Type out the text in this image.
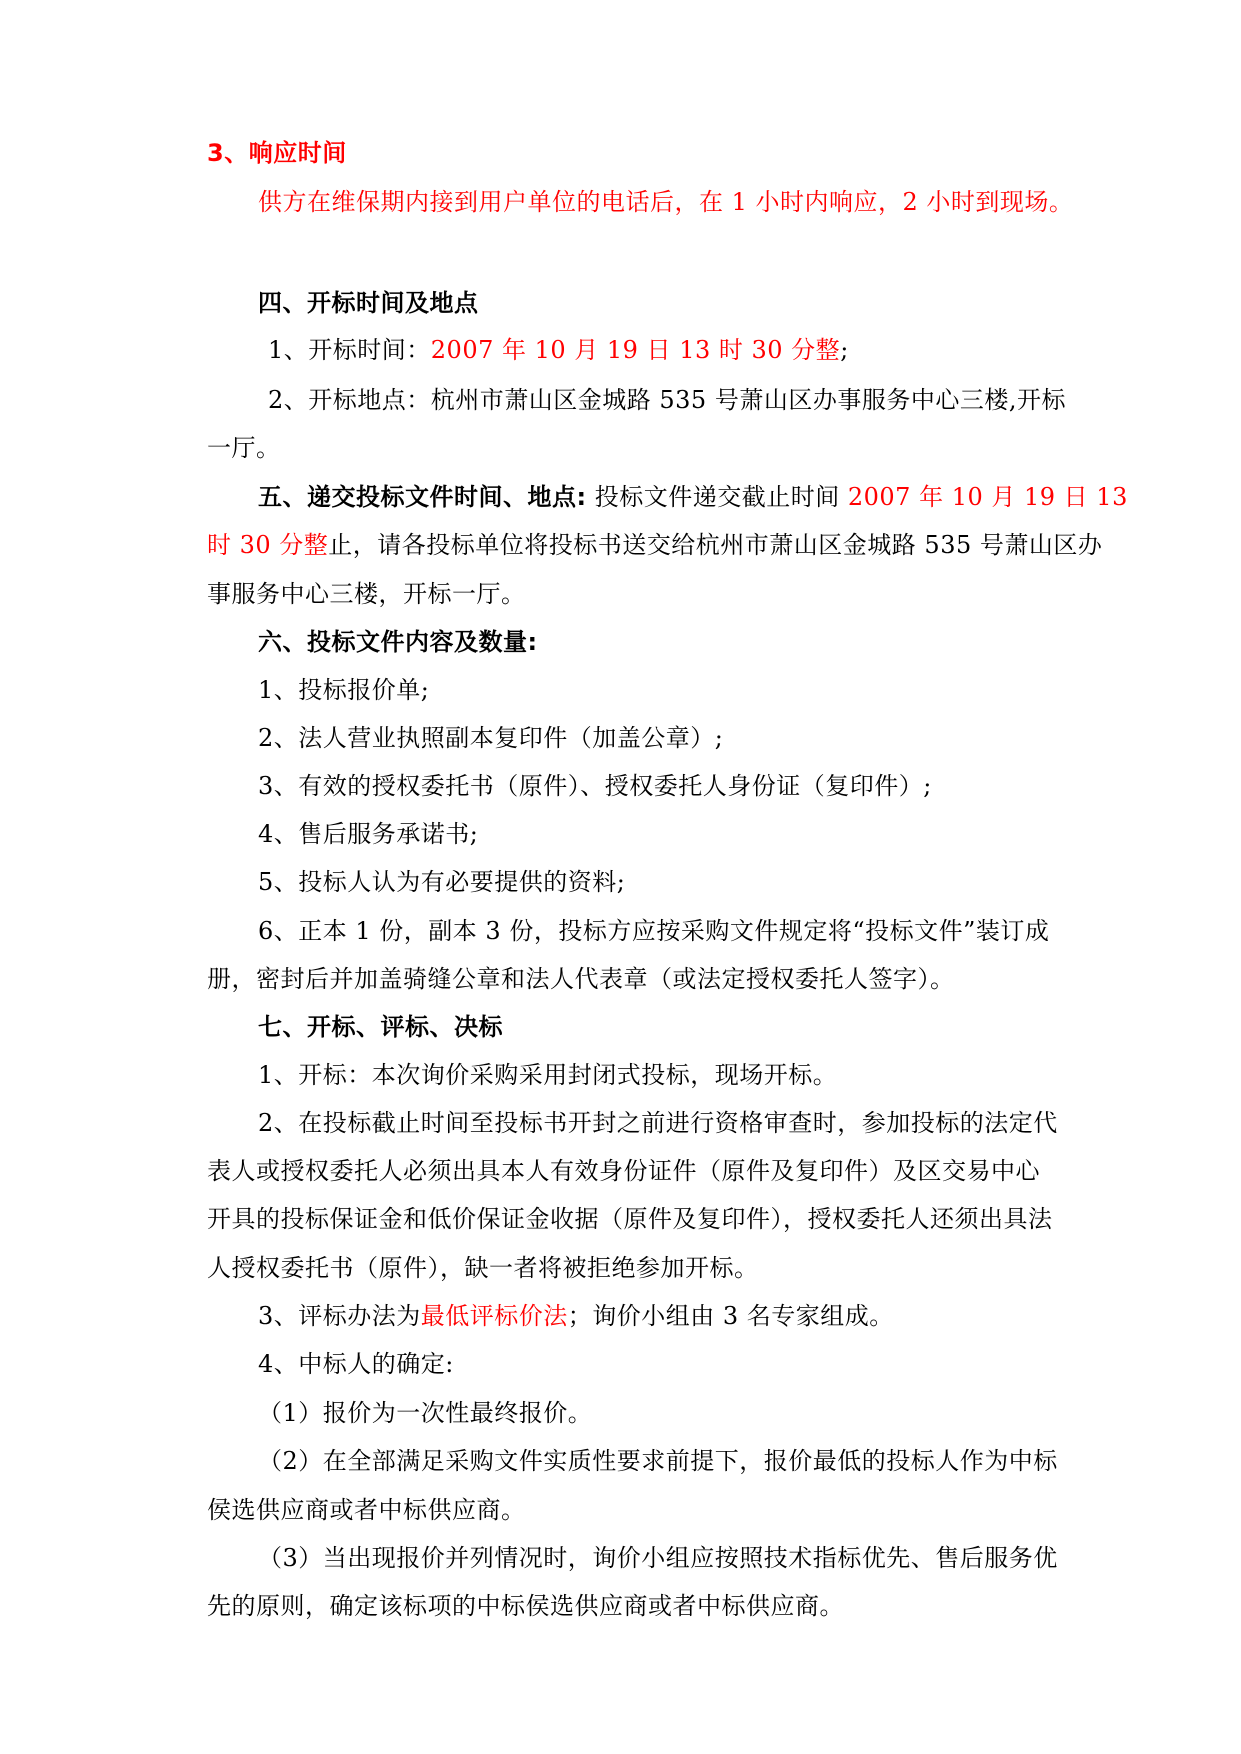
3、响应时间
供方在维保期内接到用户单位的电话后，在 1 小时内响应，2 小时到现场。
四、开标时间及地点
1、开标时间：2007 年 10 月 19 日 13 时 30 分整;
2、开标地点：杭州市萧山区金城路 535 号萧山区办事服务中心三楼,开标
一厅。
五、递交投标文件时间、地点: 投标文件递交截止时间 2007 年 10 月 19 日 13
时 30 分整止，请各投标单位将投标书送交给杭州市萧山区金城路 535 号萧山区办
事服务中心三楼，开标一厅。
六、投标文件内容及数量:
1、投标报价单;
2、法人营业执照副本复印件（加盖公章）;
3、有效的授权委托书（原件）、授权委托人身份证（复印件）;
4、售后服务承诺书;
5、投标人认为有必要提供的资料;
6、正本 1 份，副本 3 份，投标方应按采购文件规定将“投标文件”装订成
册，密封后并加盖骑缝公章和法人代表章（或法定授权委托人签字）。
七、开标、评标、决标
1、开标：本次询价采购采用封闭式投标，现场开标。
2、在投标截止时间至投标书开封之前进行资格审查时，参加投标的法定代
表人或授权委托人必须出具本人有效身份证件（原件及复印件）及区交易中心
开具的投标保证金和低价保证金收据（原件及复印件），授权委托人还须出具法
人授权委托书（原件），缺一者将被拒绝参加开标。
3、评标办法为最低评标价法；询价小组由 3 名专家组成。
4、中标人的确定:
（1）报价为一次性最终报价。
（2）在全部满足采购文件实质性要求前提下，报价最低的投标人作为中标
侯选供应商或者中标供应商。
（3）当出现报价并列情况时，询价小组应按照技术指标优先、售后服务优
先的原则，确定该标项的中标侯选供应商或者中标供应商。
